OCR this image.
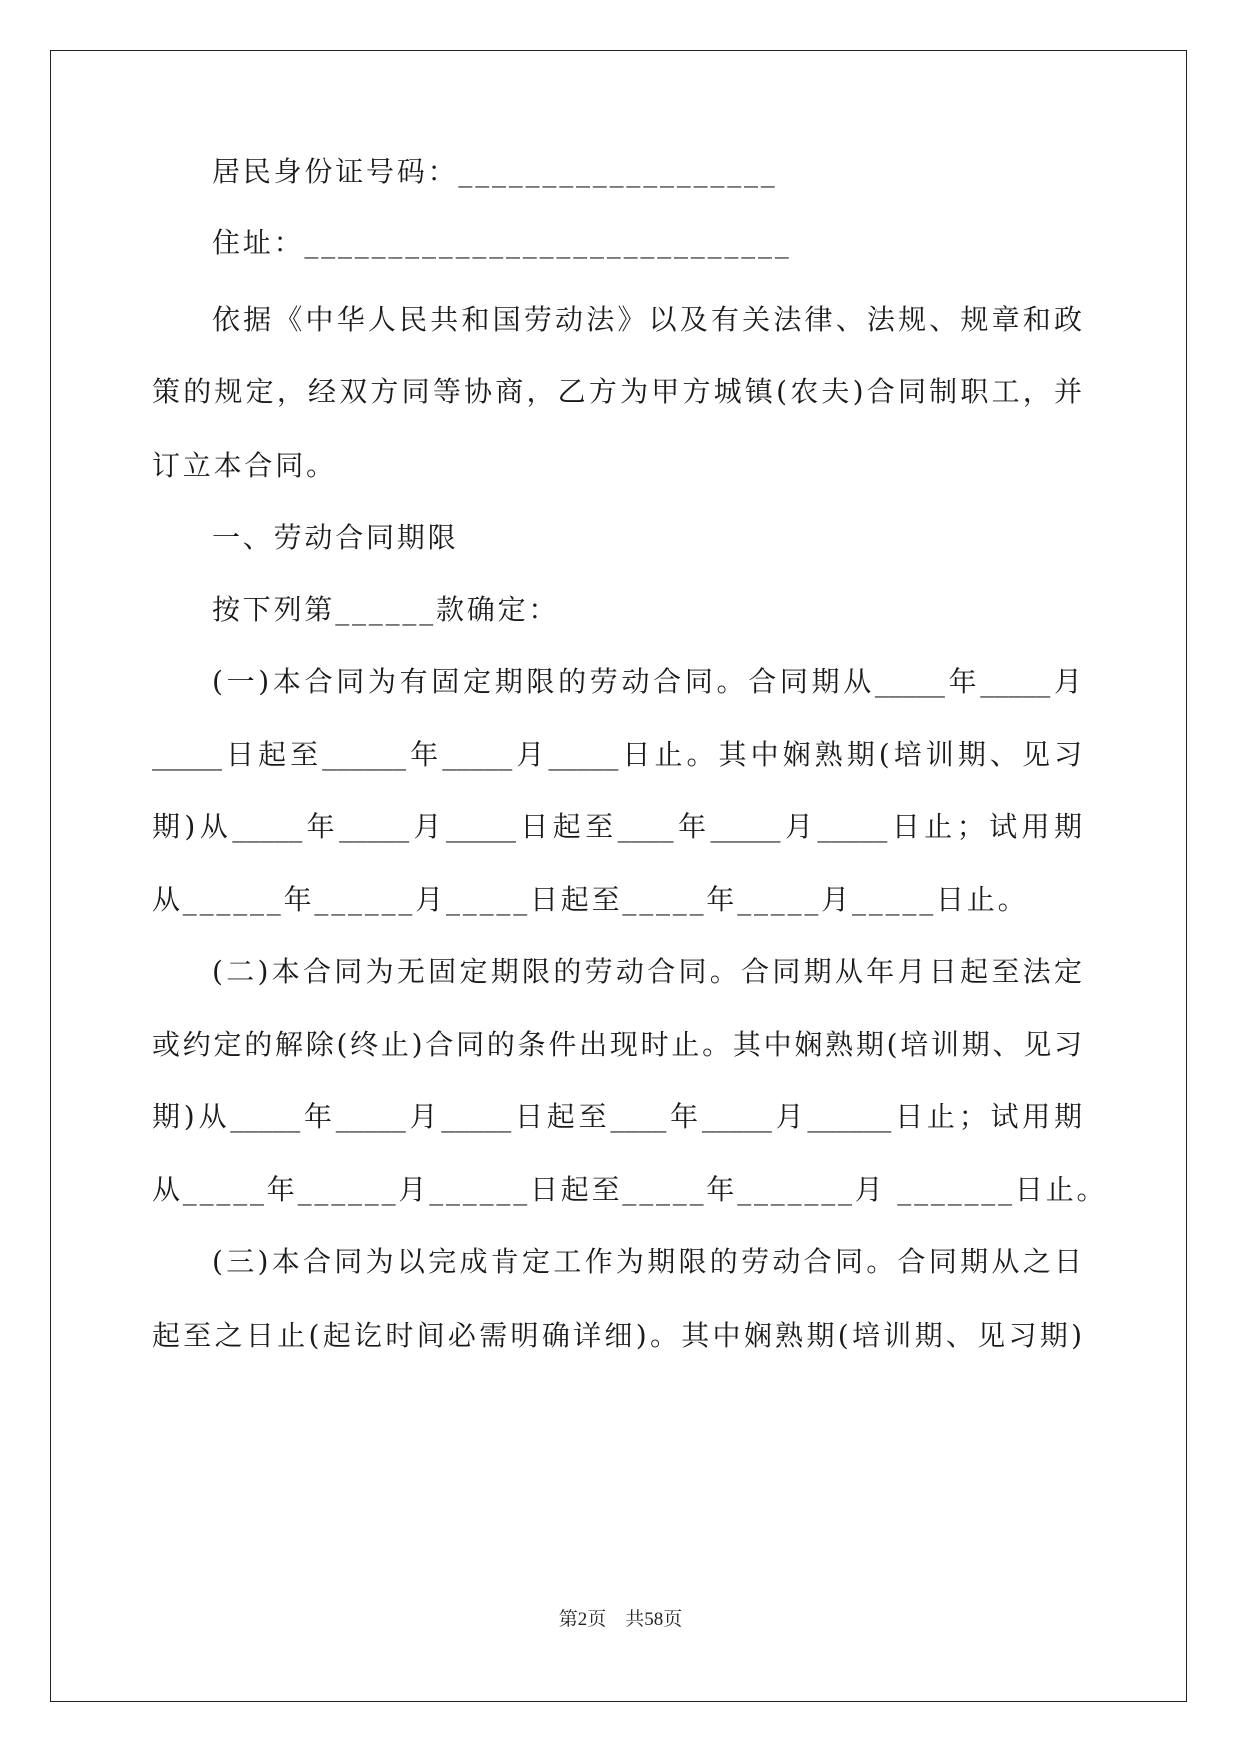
居民身份证号码：___________________
住址：_____________________________
依据《中华人民共和国劳动法》以及有关法律、法规、规章和政
策的规定，经双方同等协商，乙方为甲方城镇(农夫)合同制职工，并
订立本合同。
一、劳动合同期限
按下列第______款确定：
(一)本合同为有固定期限的劳动合同。合同期从_____年_____月
_____日起至______年_____月_____日止。其中娴熟期(培训期、见习
期)从_____年_____月_____日起至____年_____月_____日止；试用期
从______年______月_____日起至_____年_____月_____日止。
(二)本合同为无固定期限的劳动合同。合同期从年月日起至法定
或约定的解除(终止)合同的条件出现时止。其中娴熟期(培训期、见习
期)从_____年_____月_____日起至____年_____月______日止；试用期
从_____年______月______日起至_____年_______月 _______日止。
(三)本合同为以完成肯定工作为期限的劳动合同。合同期从之日
起至之日止(起讫时间必需明确详细)。其中娴熟期(培训期、见习期)
第2页    共58页
